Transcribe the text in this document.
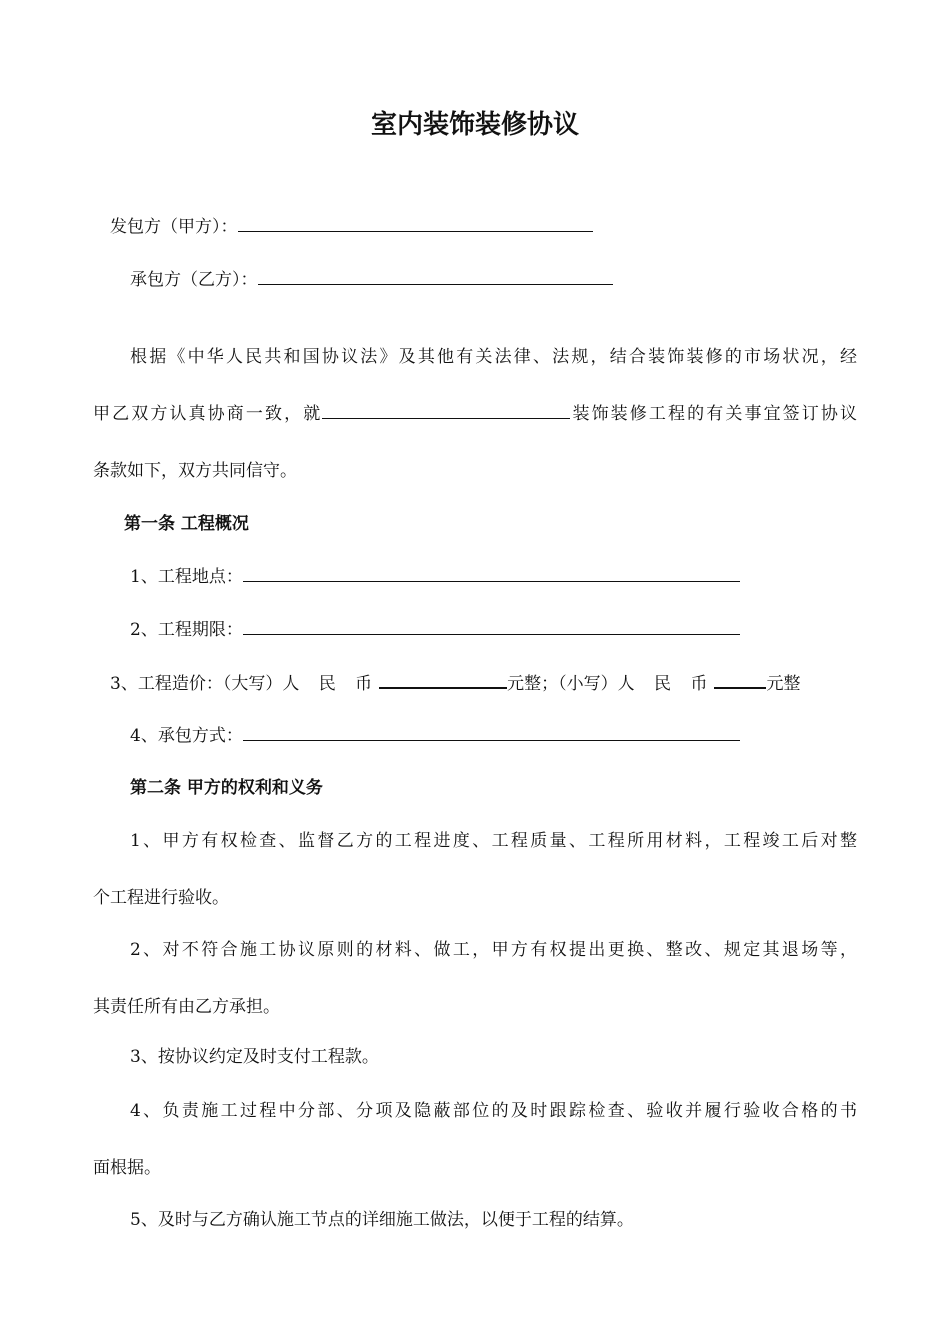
室内装饰装修协议
发包方（甲方）：
承包方（乙方）：
根据《中华人民共和国协议法》及其他有关法律、法规，结合装饰装修的市场状况，经
甲乙双方认真协商一致，就	装饰装修工程的有关事宜签订协议
条款如下，双方共同信守。
第一条 工程概况
1、工程地点：
2、工程期限：
3、工程造价：（大写）人 民 币	元整；（小写）人 民 币	元整
4、承包方式：
第二条 甲方的权利和义务
1、甲方有权检查、监督乙方的工程进度、工程质量、工程所用材料，工程竣工后对整
个工程进行验收。
2、对不符合施工协议原则的材料、做工，甲方有权提出更换、整改、规定其退场等，
其责任所有由乙方承担。
3、按协议约定及时支付工程款。
4、负责施工过程中分部、分项及隐蔽部位的及时跟踪检查、验收并履行验收合格的书
面根据。
5、及时与乙方确认施工节点的详细施工做法，以便于工程的结算。
